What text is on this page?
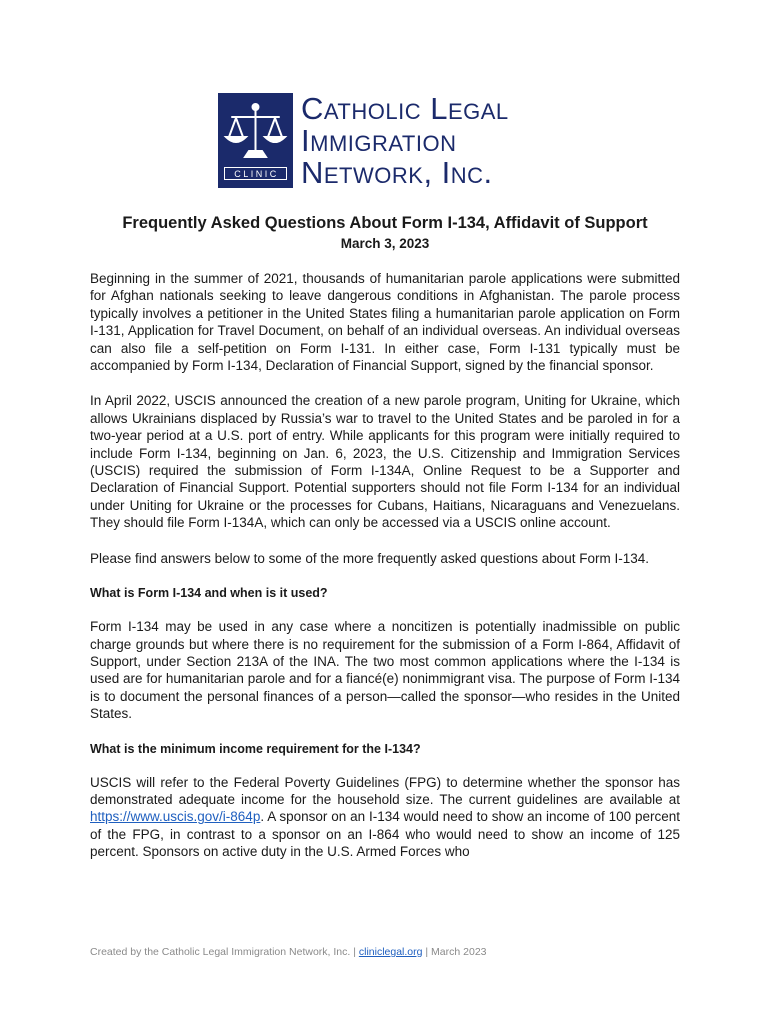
CLINIC
Catholic Legal
Immigration
Network, Inc.
Frequently Asked Questions About Form I-134, Affidavit of Support
March 3, 2023

Beginning in the summer of 2021, thousands of humanitarian parole applications were submitted for Afghan nationals seeking to leave dangerous conditions in Afghanistan. The parole process typically involves a petitioner in the United States filing a humanitarian parole application on Form I-131, Application for Travel Document, on behalf of an individual overseas. An individual overseas can also file a self-petition on Form I-131. In either case, Form I-131 typically must be accompanied by Form I-134, Declaration of Financial Support, signed by the financial sponsor.

In April 2022, USCIS announced the creation of a new parole program, Uniting for Ukraine, which allows Ukrainians displaced by Russia’s war to travel to the United States and be paroled in for a two-year period at a U.S. port of entry. While applicants for this program were initially required to include Form I-134, beginning on Jan. 6, 2023, the U.S. Citizenship and Immigration Services (USCIS) required the submission of Form I-134A, Online Request to be a Supporter and Declaration of Financial Support. Potential supporters should not file Form I-134 for an individual under Uniting for Ukraine or the processes for Cubans, Haitians, Nicaraguans and Venezuelans. They should file Form I-134A, which can only be accessed via a USCIS online account.

Please find answers below to some of the more frequently asked questions about Form I-134.

What is Form I-134 and when is it used?

Form I-134 may be used in any case where a noncitizen is potentially inadmissible on public charge grounds but where there is no requirement for the submission of a Form I-864, Affidavit of Support, under Section 213A of the INA. The two most common applications where the I-134 is used are for humanitarian parole and for a fiancé(e) nonimmigrant visa. The purpose of Form I-134 is to document the personal finances of a person—called the sponsor—who resides in the United States.

What is the minimum income requirement for the I-134?

USCIS will refer to the Federal Poverty Guidelines (FPG) to determine whether the sponsor has demonstrated adequate income for the household size. The current guidelines are available at https://www.uscis.gov/i-864p. A sponsor on an I-134 would need to show an income of 100 percent of the FPG, in contrast to a sponsor on an I-864 who would need to show an income of 125 percent. Sponsors on active duty in the U.S. Armed Forces who

Created by the Catholic Legal Immigration Network, Inc. | cliniclegal.org | March 2023
